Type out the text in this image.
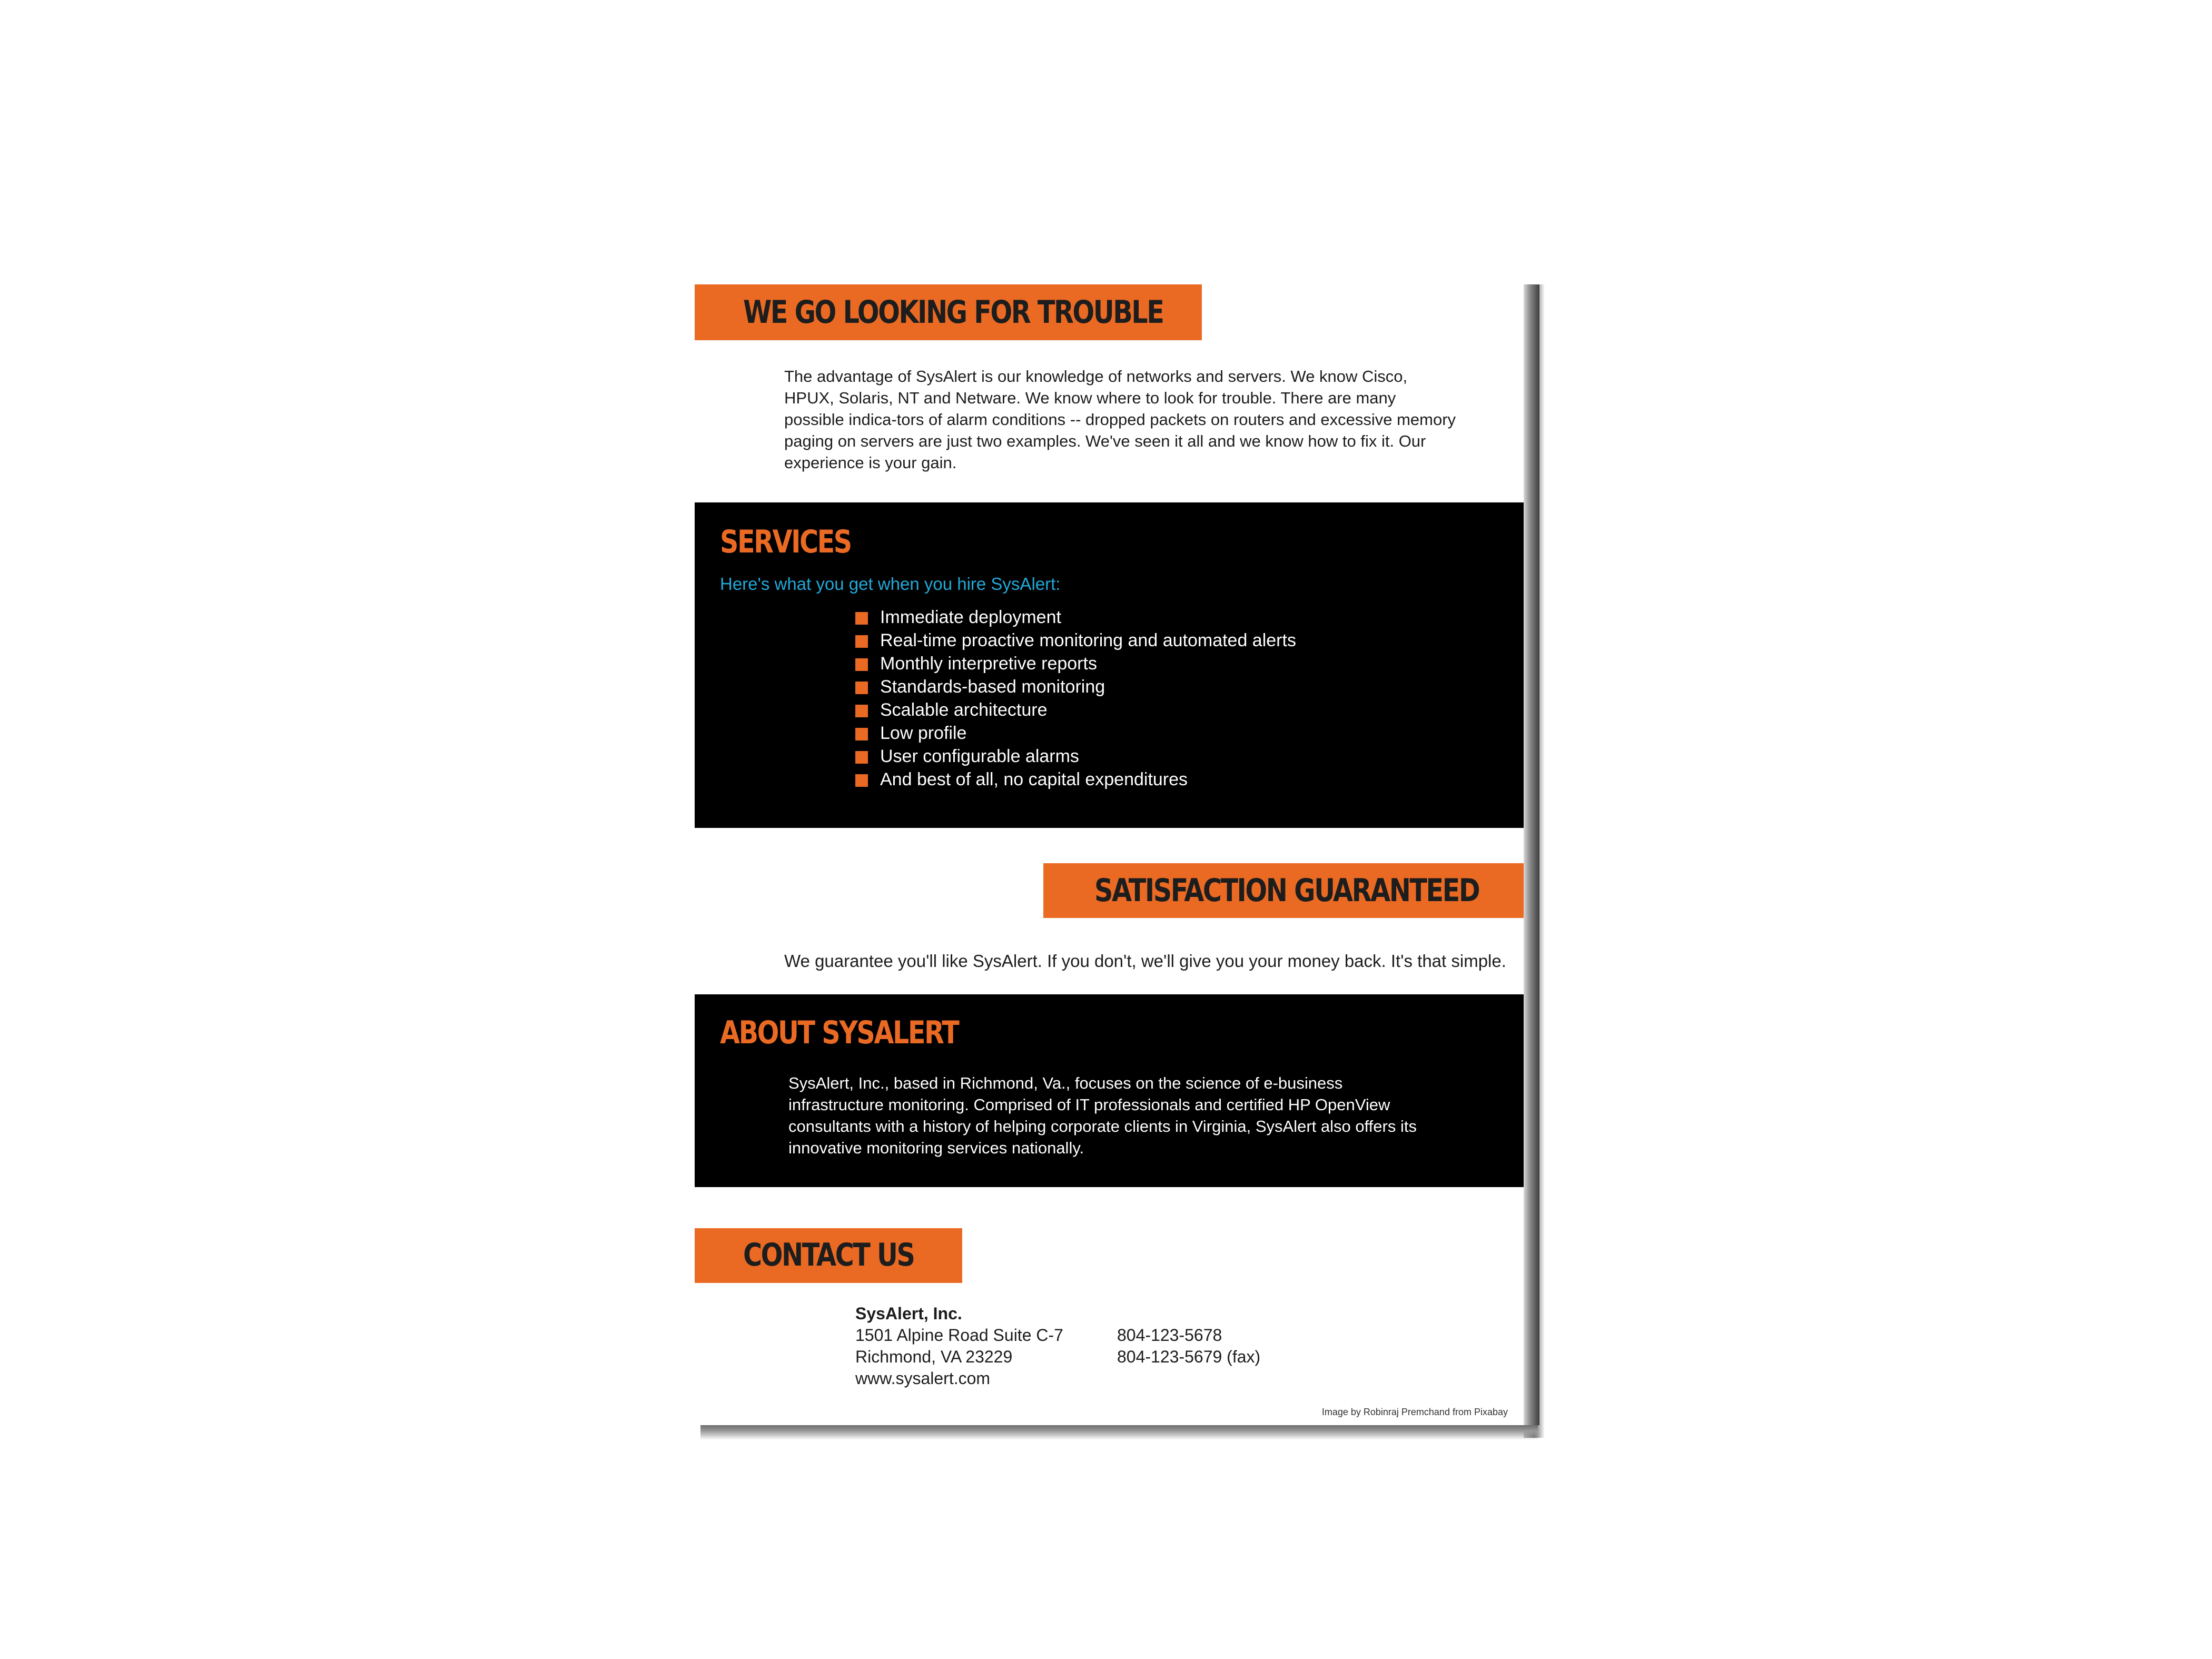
WE GO LOOKING FOR TROUBLE
The advantage of SysAlert is our knowledge of networks and servers. We know Cisco, HPUX, Solaris, NT and Netware. We know where to look for trouble. There are many possible indica-tors of alarm conditions -- dropped packets on routers and excessive memory paging on servers are just two examples. We've seen it all and we know how to fix it. Our experience is your gain.
SERVICES
Here's what you get when you hire SysAlert:
Immediate deployment
Real-time proactive monitoring and automated alerts
Monthly interpretive reports
Standards-based monitoring
Scalable architecture
Low profile
User configurable alarms
And best of all, no capital expenditures
SATISFACTION GUARANTEED
We guarantee you'll like SysAlert. If you don't, we'll give you your money back. It's that simple.
ABOUT SYSALERT
SysAlert, Inc., based in Richmond, Va., focuses on the science of e-business infrastructure monitoring. Comprised of IT professionals and certified HP OpenView consultants with a history of helping corporate clients in Virginia, SysAlert also offers its innovative monitoring services nationally.
CONTACT US
SysAlert, Inc.
1501 Alpine Road Suite C-7
Richmond, VA 23229
www.sysalert.com
804-123-5678
804-123-5679 (fax)
Image by Robinraj Premchand from Pixabay
